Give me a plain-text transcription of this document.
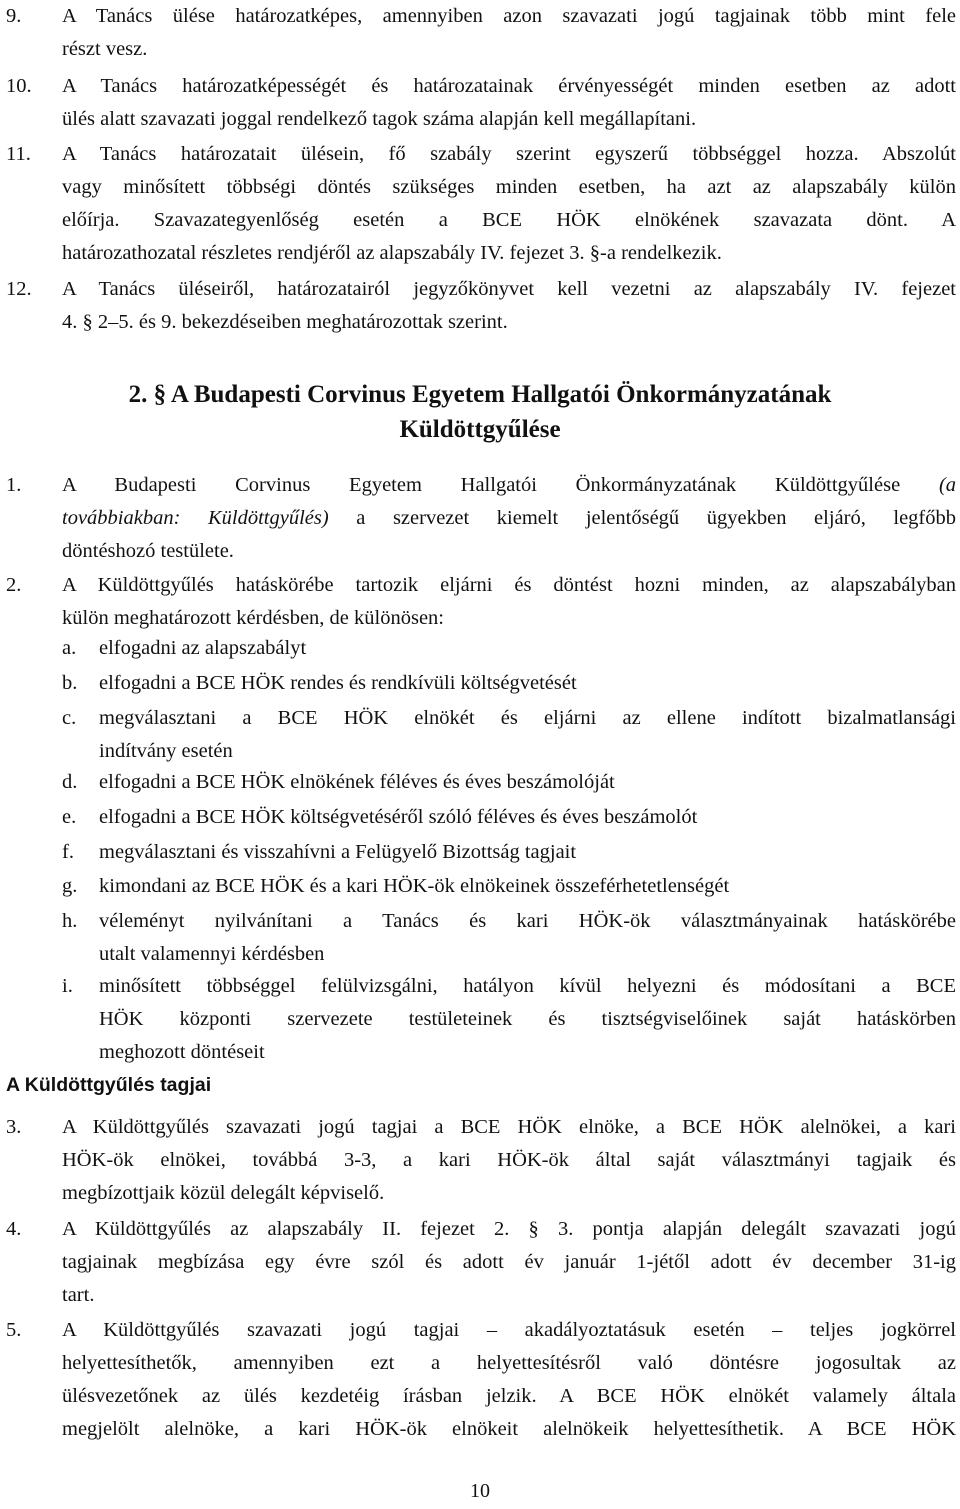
9. A Tanács ülése határozatképes, amennyiben azon szavazati jogú tagjainak több mint fele
részt vesz.
10. A Tanács határozatképességét és határozatainak érvényességét minden esetben az adott
ülés alatt szavazati joggal rendelkező tagok száma alapján kell megállapítani.
11. A Tanács határozatait ülésein, fő szabály szerint egyszerű többséggel hozza. Abszolút
vagy minősített többségi döntés szükséges minden esetben, ha azt az alapszabály külön
előírja. Szavazategyenlőség esetén a BCE HÖK elnökének szavazata dönt. A
határozathozatal részletes rendjéről az alapszabály IV. fejezet 3. §-a rendelkezik.
12. A Tanács üléseiről, határozatairól jegyzőkönyvet kell vezetni az alapszabály IV. fejezet
4. § 2–5. és 9. bekezdéseiben meghatározottak szerint.
2. § A Budapesti Corvinus Egyetem Hallgatói Önkormányzatának
Küldöttgyűlése
1. A Budapesti Corvinus Egyetem Hallgatói Önkormányzatának Küldöttgyűlése (a
továbbiakban: Küldöttgyűlés) a szervezet kiemelt jelentőségű ügyekben eljáró, legfőbb
döntéshozó testülete.
2. A Küldöttgyűlés hatáskörébe tartozik eljárni és döntést hozni minden, az alapszabályban
külön meghatározott kérdésben, de különösen:
a. elfogadni az alapszabályt
b. elfogadni a BCE HÖK rendes és rendkívüli költségvetését
c. megválasztani a BCE HÖK elnökét és eljárni az ellene indított bizalmatlansági
indítvány esetén
d. elfogadni a BCE HÖK elnökének féléves és éves beszámolóját
e. elfogadni a BCE HÖK költségvetéséről szóló féléves és éves beszámolót
f. megválasztani és visszahívni a Felügyelő Bizottság tagjait
g. kimondani az BCE HÖK és a kari HÖK-ök elnökeinek összeférhetetlenségét
h. véleményt nyilvánítani a Tanács és kari HÖK-ök választmányainak hatáskörébe
utalt valamennyi kérdésben
i. minősített többséggel felülvizsgálni, hatályon kívül helyezni és módosítani a BCE
HÖK központi szervezete testületeinek és tisztségviselőinek saját hatáskörben
meghozott döntéseit
A Küldöttgyűlés tagjai
3. A Küldöttgyűlés szavazati jogú tagjai a BCE HÖK elnöke, a BCE HÖK alelnökei, a kari
HÖK-ök elnökei, továbbá 3-3, a kari HÖK-ök által saját választmányi tagjaik és
megbízottjaik közül delegált képviselő.
4. A Küldöttgyűlés az alapszabály II. fejezet 2. § 3. pontja alapján delegált szavazati jogú
tagjainak megbízása egy évre szól és adott év január 1-jétől adott év december 31-ig
tart.
5. A Küldöttgyűlés szavazati jogú tagjai – akadályoztatásuk esetén – teljes jogkörrel
helyettesíthetők, amennyiben ezt a helyettesítésről való döntésre jogosultak az
ülésvezetőnek az ülés kezdetéig írásban jelzik. A BCE HÖK elnökét valamely általa
megjelölt alelnöke, a kari HÖK-ök elnökeit alelnökeik helyettesíthetik. A BCE HÖK
10
